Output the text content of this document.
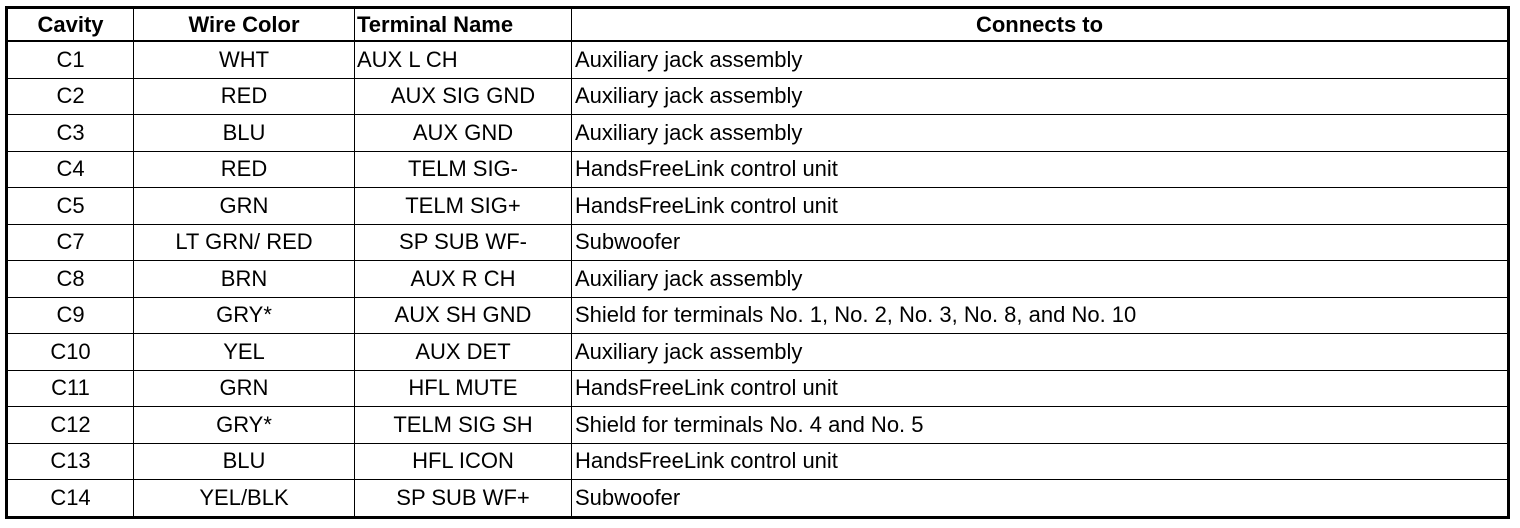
Cavity	Wire Color	Terminal Name	Connects to
C1	WHT	AUX L CH	Auxiliary jack assembly
C2	RED	AUX SIG GND	Auxiliary jack assembly
C3	BLU	AUX GND	Auxiliary jack assembly
C4	RED	TELM SIG-	HandsFreeLink control unit
C5	GRN	TELM SIG+	HandsFreeLink control unit
C7	LT GRN/ RED	SP SUB WF-	Subwoofer
C8	BRN	AUX R CH	Auxiliary jack assembly
C9	GRY*	AUX SH GND	Shield for terminals No. 1, No. 2, No. 3, No. 8, and No. 10
C10	YEL	AUX DET	Auxiliary jack assembly
C11	GRN	HFL MUTE	HandsFreeLink control unit
C12	GRY*	TELM SIG SH	Shield for terminals No. 4 and No. 5
C13	BLU	HFL ICON	HandsFreeLink control unit
C14	YEL/BLK	SP SUB WF+	Subwoofer
